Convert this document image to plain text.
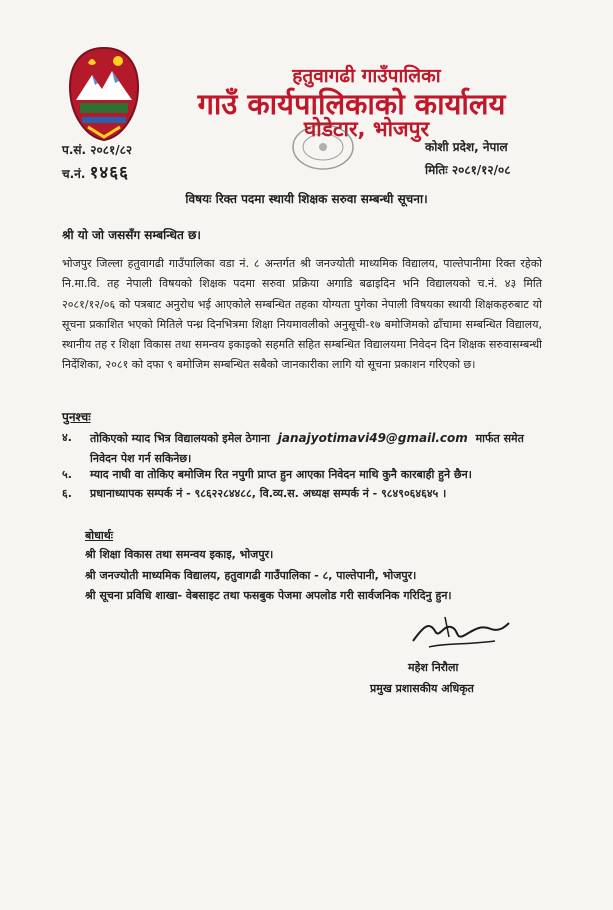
हतुवागढी गाउँपालिका
गाउँ कार्यपालिकाको कार्यालय
घोडेटार, भोजपुर
प.सं. २०८१/८२
च.नं. १४६६
कोशी प्रदेश, नेपाल
मितिः २०८१/१२/०८
विषयः रिक्त पदमा स्थायी शिक्षक सरुवा सम्बन्धी सूचना।
श्री यो जो जससँग सम्बन्धित छ।
भोजपुर जिल्ला हतुवागढी गाउँपालिका वडा नं. ८ अन्तर्गत श्री जनज्योती माध्यमिक विद्यालय, पाल्तेपानीमा रिक्त रहेको नि.मा.वि. तह नेपाली विषयको शिक्षक पदमा सरुवा प्रक्रिया अगाडि बढाइदिन भनि विद्यालयको च.नं. ४३ मिति २०८१/१२/०६ को पत्रबाट अनुरोध भई आएकोले सम्बन्धित तहका योग्यता पुगेका नेपाली विषयका स्थायी शिक्षकहरुबाट यो सूचना प्रकाशित भएको मितिले पन्ध्र दिनभित्रमा शिक्षा नियमावलीको अनुसूची-१७ बमोजिमको ढाँचामा सम्बन्धित विद्यालय, स्थानीय तह र शिक्षा विकास तथा समन्वय इकाइको सहमति सहित सम्बन्धित विद्यालयमा निवेदन दिन शिक्षक सरुवासम्बन्धी निर्देशिका, २०८१ को दफा ९ बमोजिम सम्बन्धित सबैको जानकारीका लागि यो सूचना प्रकाशन गरिएको छ।
पुनश्चः
४.	तोकिएको म्याद भित्र विद्यालयको इमेल ठेगाना janajyotimavi49@gmail.com मार्फत समेत निवेदन पेश गर्न सकिनेछ।
५.	म्याद नाघी वा तोकिए बमोजिम रित नपुगी प्राप्त हुन आएका निवेदन माथि कुनै कारबाही हुने छैन।
६.	प्रधानाध्यापक सम्पर्क नं - ९८६२२८४४८८, वि.व्य.स. अध्यक्ष सम्पर्क नं - ९८४९०६४६४५ ।
बोधार्थः
श्री शिक्षा विकास तथा समन्वय इकाइ, भोजपुर।
श्री जनज्योती माध्यमिक विद्यालय, हतुवागढी गाउँपालिका - ८, पाल्तेपानी, भोजपुर।
श्री सूचना प्रविधि शाखा- वेबसाइट तथा फसबुक पेजमा अपलोड गरी सार्वजनिक गरिदिनु हुन।
महेश निरौला
प्रमुख प्रशासकीय अधिकृत
